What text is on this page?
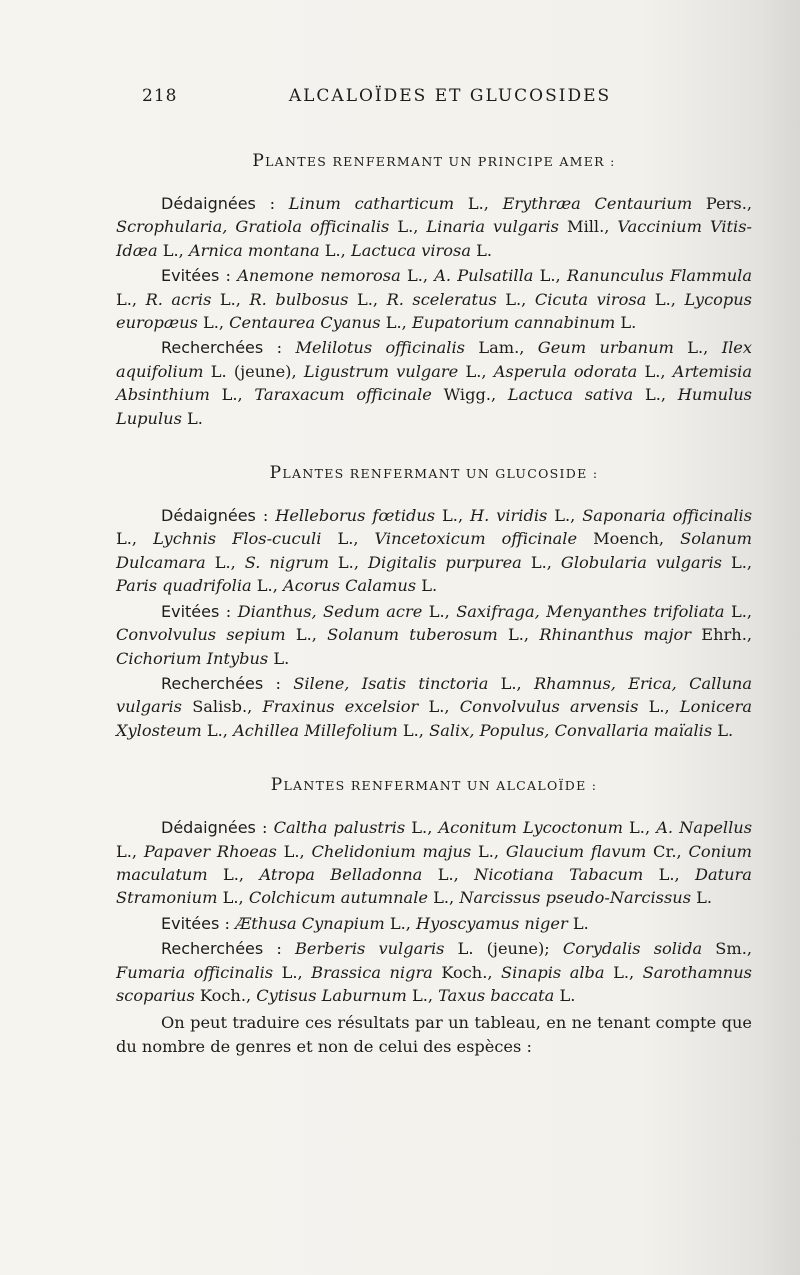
218	ALCALOÏDES ET GLUCOSIDES
PLANTES RENFERMANT UN PRINCIPE AMER :

Dédaignées : Linum catharticum L., Erythræa Centaurium Pers., Scrophularia, Gratiola officinalis L., Linaria vulgaris Mill., Vaccinium Vitis-Idæa L., Arnica montana L., Lactuca virosa L.

Evitées : Anemone nemorosa L., A. Pulsatilla L., Ranunculus Flammula L., R. acris L., R. bulbosus L., R. sceleratus L., Cicuta virosa L., Lycopus europæus L., Centaurea Cyanus L., Eupatorium cannabinum L.

Recherchées : Melilotus officinalis Lam., Geum urbanum L., Ilex aquifolium L. (jeune), Ligustrum vulgare L., Asperula odorata L., Artemisia Absinthium L., Taraxacum officinale Wigg., Lactuca sativa L., Humulus Lupulus L.

PLANTES RENFERMANT UN GLUCOSIDE :

Dédaignées : Helleborus fœtidus L., H. viridis L., Saponaria officinalis L., Lychnis Flos-cuculi L., Vincetoxicum officinale Moench, Solanum Dulcamara L., S. nigrum L., Digitalis purpurea L., Globularia vulgaris L., Paris quadrifolia L., Acorus Calamus L.

Evitées : Dianthus, Sedum acre L., Saxifraga, Menyanthes trifoliata L., Convolvulus sepium L., Solanum tuberosum L., Rhinanthus major Ehrh., Cichorium Intybus L.

Recherchées : Silene, Isatis tinctoria L., Rhamnus, Erica, Calluna vulgaris Salisb., Fraxinus excelsior L., Convolvulus arvensis L., Lonicera Xylosteum L., Achillea Millefolium L., Salix, Populus, Convallaria maïalis L.

PLANTES RENFERMANT UN ALCALOÏDE :

Dédaignées : Caltha palustris L., Aconitum Lycoctonum L., A. Napellus L., Papaver Rhoeas L., Chelidonium majus L., Glaucium flavum Cr., Conium maculatum L., Atropa Belladonna L., Nicotiana Tabacum L., Datura Stramonium L., Colchicum autumnale L., Narcissus pseudo-Narcissus L.

Evitées : Æthusa Cynapium L., Hyoscyamus niger L.

Recherchées : Berberis vulgaris L. (jeune); Corydalis solida Sm., Fumaria officinalis L., Brassica nigra Koch., Sinapis alba L., Sarothamnus scoparius Koch., Cytisus Laburnum L., Taxus baccata L.

On peut traduire ces résultats par un tableau, en ne tenant compte que du nombre de genres et non de celui des espèces :
